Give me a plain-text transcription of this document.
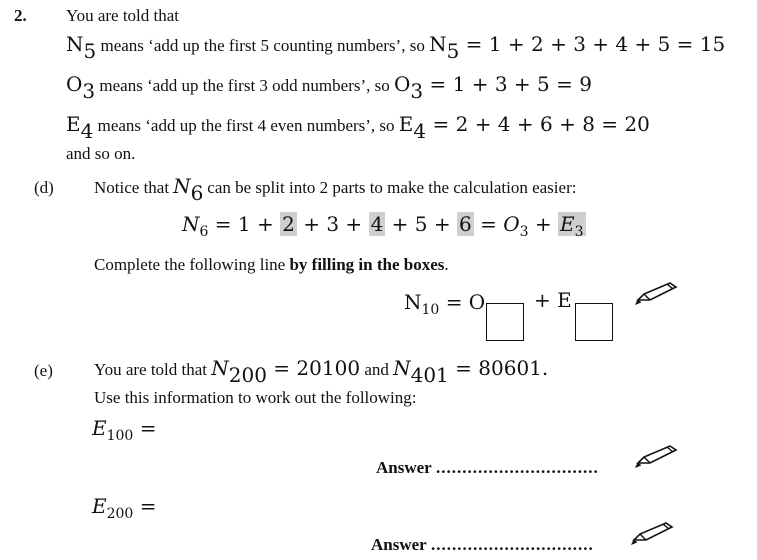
2. You are told that
$N_5$ means ‘add up the first 5 counting numbers’, so $N_5 = 1 + 2 + 3 + 4 + 5 = 15$
$O_3$ means ‘add up the first 3 odd numbers’, so $O_3 = 1 + 3 + 5 = 9$
$E_4$ means ‘add up the first 4 even numbers’, so $E_4 = 2 + 4 + 6 + 8 = 20$
and so on.
(d) Notice that $N_6$ can be split into 2 parts to make the calculation easier:
$N_6 = 1 + 2 + 3 + 4 + 5 + 6 = O_3 + E_3$
Complete the following line by filling in the boxes.
$N_{10} = O + E$
(e) You are told that $N_{200} = 20100$ and $N_{401} = 80601$.
Use this information to work out the following:
$E_{100}$ =
Answer ...............................
$E_{200}$ =
Answer ...............................
